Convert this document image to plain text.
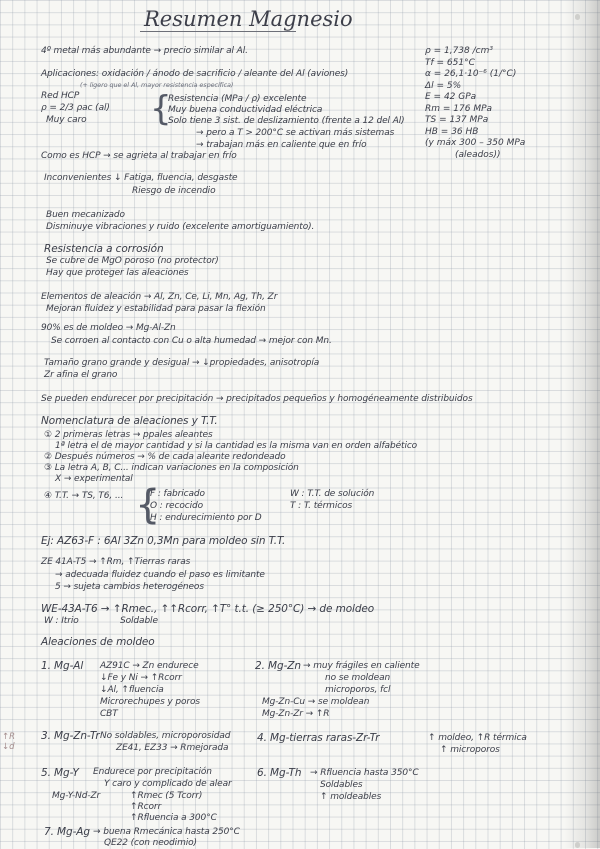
Resumen Magnesio
ρ = 1,738 /cm³
Tf = 651°C
α = 26,1·10⁻⁶ (1/°C)
Δl = 5%
E = 42 GPa
Rm = 176 MPa
TS = 137 MPa
HB = 36 HB
(y máx 300 – 350 MPa
(aleados))
4º metal más abundante → precio similar al Al.
Aplicaciones: oxidación / ánodo de sacrificio / aleante del Al (aviones)
(+ ligero que el Al, mayor resistencia específica)
Red HCP
ρ = 2/3 ρac (al)
Muy caro {
Resistencia (MPa / ρ) excelente
Muy buena conductividad eléctrica
Solo tiene 3 sist. de deslizamiento (frente a 12 del Al)
→ pero a T > 200°C se activan más sistemas
→ trabajan más en caliente que en frío
Como es HCP → se agrieta al trabajar en frío
Inconvenientes ↓ Fatiga, fluencia, desgaste
Riesgo de incendio
Buen mecanizado
Disminuye vibraciones y ruido (excelente amortiguamiento).
Resistencia a corrosión
Se cubre de MgO poroso (no protector)
Hay que proteger las aleaciones
Elementos de aleación → Al, Zn, Ce, Li, Mn, Ag, Th, Zr
Mejoran fluidez y estabilidad para pasar la flexión
90% es de moldeo → Mg-Al-Zn
Se corroen al contacto con Cu o alta humedad → mejor con Mn.
Tamaño grano grande y desigual → ↓propiedades, anisotropía
Zr afina el grano
Se pueden endurecer por precipitación → precipitados pequeños y homogéneamente distribuidos
Nomenclatura de aleaciones y T.T.
① 2 primeras letras → ppales aleantes
1ª letra el de mayor cantidad y si la cantidad es la misma van en orden alfabético
② Después números → % de cada aleante redondeado
③ La letra A, B, C... indican variaciones en la composición
X → experimental
④ T.T. → TS, T6, ... {
F : fabricado
O : recocido
H : endurecimiento por D
W : T.T. de solución
T : T. térmicos
Ej: AZ63-F : 6Al 3Zn 0,3Mn para moldeo sin T.T.
ZE 41A-T5 → ↑Rm, ↑Tierras raras
→ adecuada fluidez cuando el paso es limitante
5 → sujeta cambios heterogéneos
WE-43A-T6 → ↑Rmec., ↑↑Rcorr, ↑T° t.t. (≥ 250°C) → de moldeo
W : Itrio	Soldable
Aleaciones de moldeo
1. Mg-Al AZ91C → Zn endurece
↓Fe y Ni → ↑Rcorr
↓Al, ↑fluencia
Microrechupes y poros
CBT
2. Mg-Zn → muy frágiles en caliente
no se moldean
microporos, fcl
Mg-Zn-Cu → se moldean
Mg-Zn-Zr → ↑R
3. Mg-Zn-Tr No soldables, microporosidad
ZE41, EZ33 → Rmejorada
4. Mg-tierras raras-Zr-Tr	↑ moldeo, ↑R térmica
↑ microporos
5. Mg-Y Endurece por precipitación
Y caro y complicado de alear
Mg-Y-Nd-Zr	↑Rmec (5 Tcorr)
↑Rcorr
↑Rfluencia a 300°C
6. Mg-Th → Rfluencia hasta 350°C
Soldables
↑ moldeables
7. Mg-Ag → buena Rmecánica hasta 250°C
QE22 (con neodimio)
↑R
↓d
